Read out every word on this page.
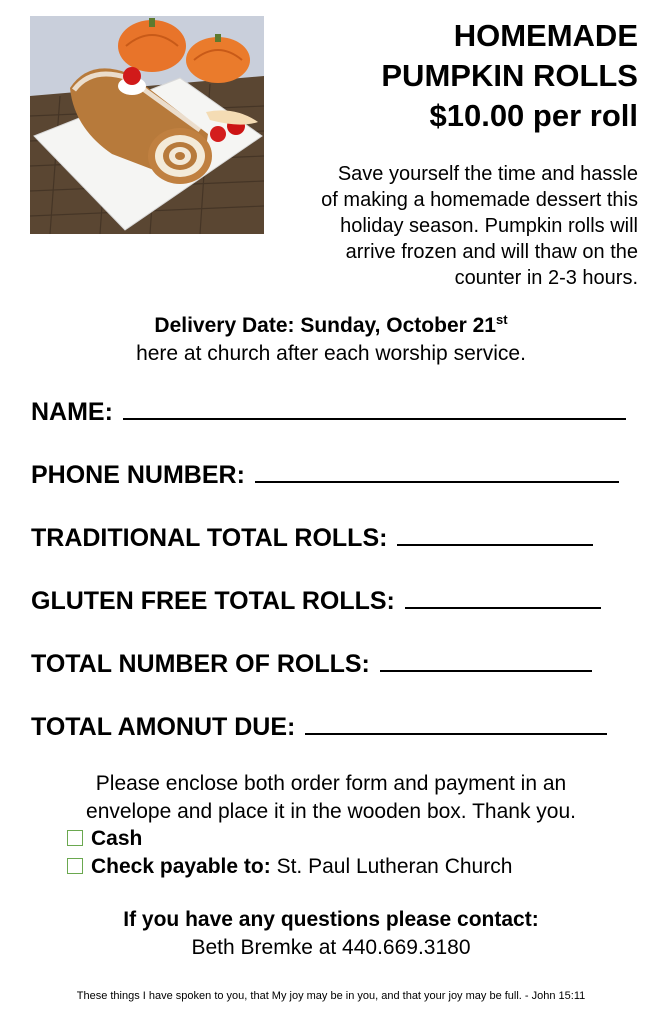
HOMEMADE
PUMPKIN ROLLS
$10.00 per roll
Save yourself the time and hassle
of making a homemade dessert this
holiday season. Pumpkin rolls will
arrive frozen and will thaw on the
counter in 2-3 hours.
Delivery Date: Sunday, October 21st
here at church after each worship service.
NAME:
PHONE NUMBER:
TRADITIONAL TOTAL ROLLS:
GLUTEN FREE TOTAL ROLLS:
TOTAL NUMBER OF ROLLS:
TOTAL AMONUT DUE:
Please enclose both order form and payment in an
envelope and place it in the wooden box. Thank you.
Cash
Check payable to: St. Paul Lutheran Church
If you have any questions please contact:
Beth Bremke at 440.669.3180
These things I have spoken to you, that My joy may be in you, and that your joy may be full. - John 15:11
